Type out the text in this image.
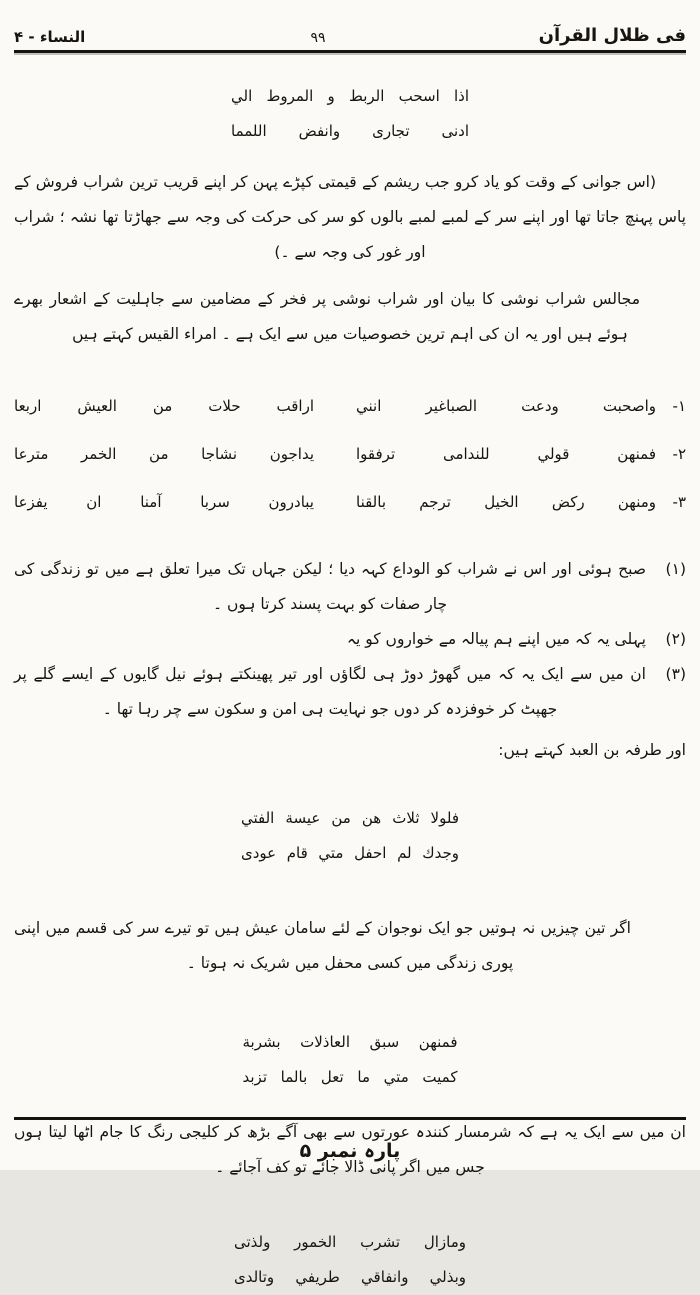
فى ظلال القرآن
٩٩
النساء - ۴
اذا اسحب الربط و المروط الي
ادنى تجارى وانفض اللمما
(اس جوانی کے وقت کو یاد کرو جب ریشم کے قیمتی کپڑے پہن کر اپنے قریب ترین شراب فروش کے پاس پہنچ جاتا تھا اور اپنے سر کے لمبے لمبے بالوں کو سر کی حرکت کی وجہ سے جھاڑتا تھا نشہ ؛ شراب اور غور کی وجہ سے ۔)
مجالس شراب نوشی کا بیان اور شراب نوشی پر فخر کے مضامین سے جاہلیت کے اشعار بھرے ہوئے ہیں اور یہ ان کی اہم ترین خصوصیات میں سے ایک ہے ۔ امراء القیس کہتے ہیں
١-
واصحبت ودعت الصباغير انني
اراقب حلات من العيش اربعا
٢-
فمنهن قولي للندامى ترفقوا
يداجون نشاجا من الخمر مترعا
٣-
ومنهن ركض الخيل ترجم بالقنا
يبادرون سربا آمنا ان يفزعا
(۱)
صبح ہوئی اور اس نے شراب کو الوداع کہہ دیا ؛ لیکن جہاں تک میرا تعلق ہے میں تو زندگی کی چار صفات کو بہت پسند کرتا ہوں ۔
(۲)
پہلی یہ کہ میں اپنے ہم پیالہ مے خواروں کو یہ
(۳)
ان میں سے ایک یہ کہ میں گھوڑ دوڑ ہی لگاؤں اور تیر پھینکتے ہوئے نیل گایوں کے ایسے گلے پر جھپٹ کر خوفزدہ کر دوں جو نہایت ہی امن و سکون سے چر رہا تھا ۔
اور طرفہ بن العبد کہتے ہیں:
فلولا ثلاث هن من عيسة الفتي
وجدك لم احفل متي قام عودى
اگر تین چیزیں نہ ہوتیں جو ایک نوجوان کے لئے سامان عیش ہیں تو تیرے سر کی قسم میں اپنی پوری زندگی میں کسی محفل میں شریک نہ ہوتا ۔
فمنهن سبق العاذلات بشربة
كميت متي ما تعل بالما تزبد
ان میں سے ایک یہ ہے کہ شرمسار کنندہ عورتوں سے بھی آگے بڑھ کر کلیجی رنگ کا جام اٹھا لیتا ہوں جس میں اگر پانی ڈالا جائے تو کف آجائے ۔
ومازال تشرب الخمور ولذتى
وبذلي وانفاقي طريفي وتالدى
پارہ نمبر ۵
